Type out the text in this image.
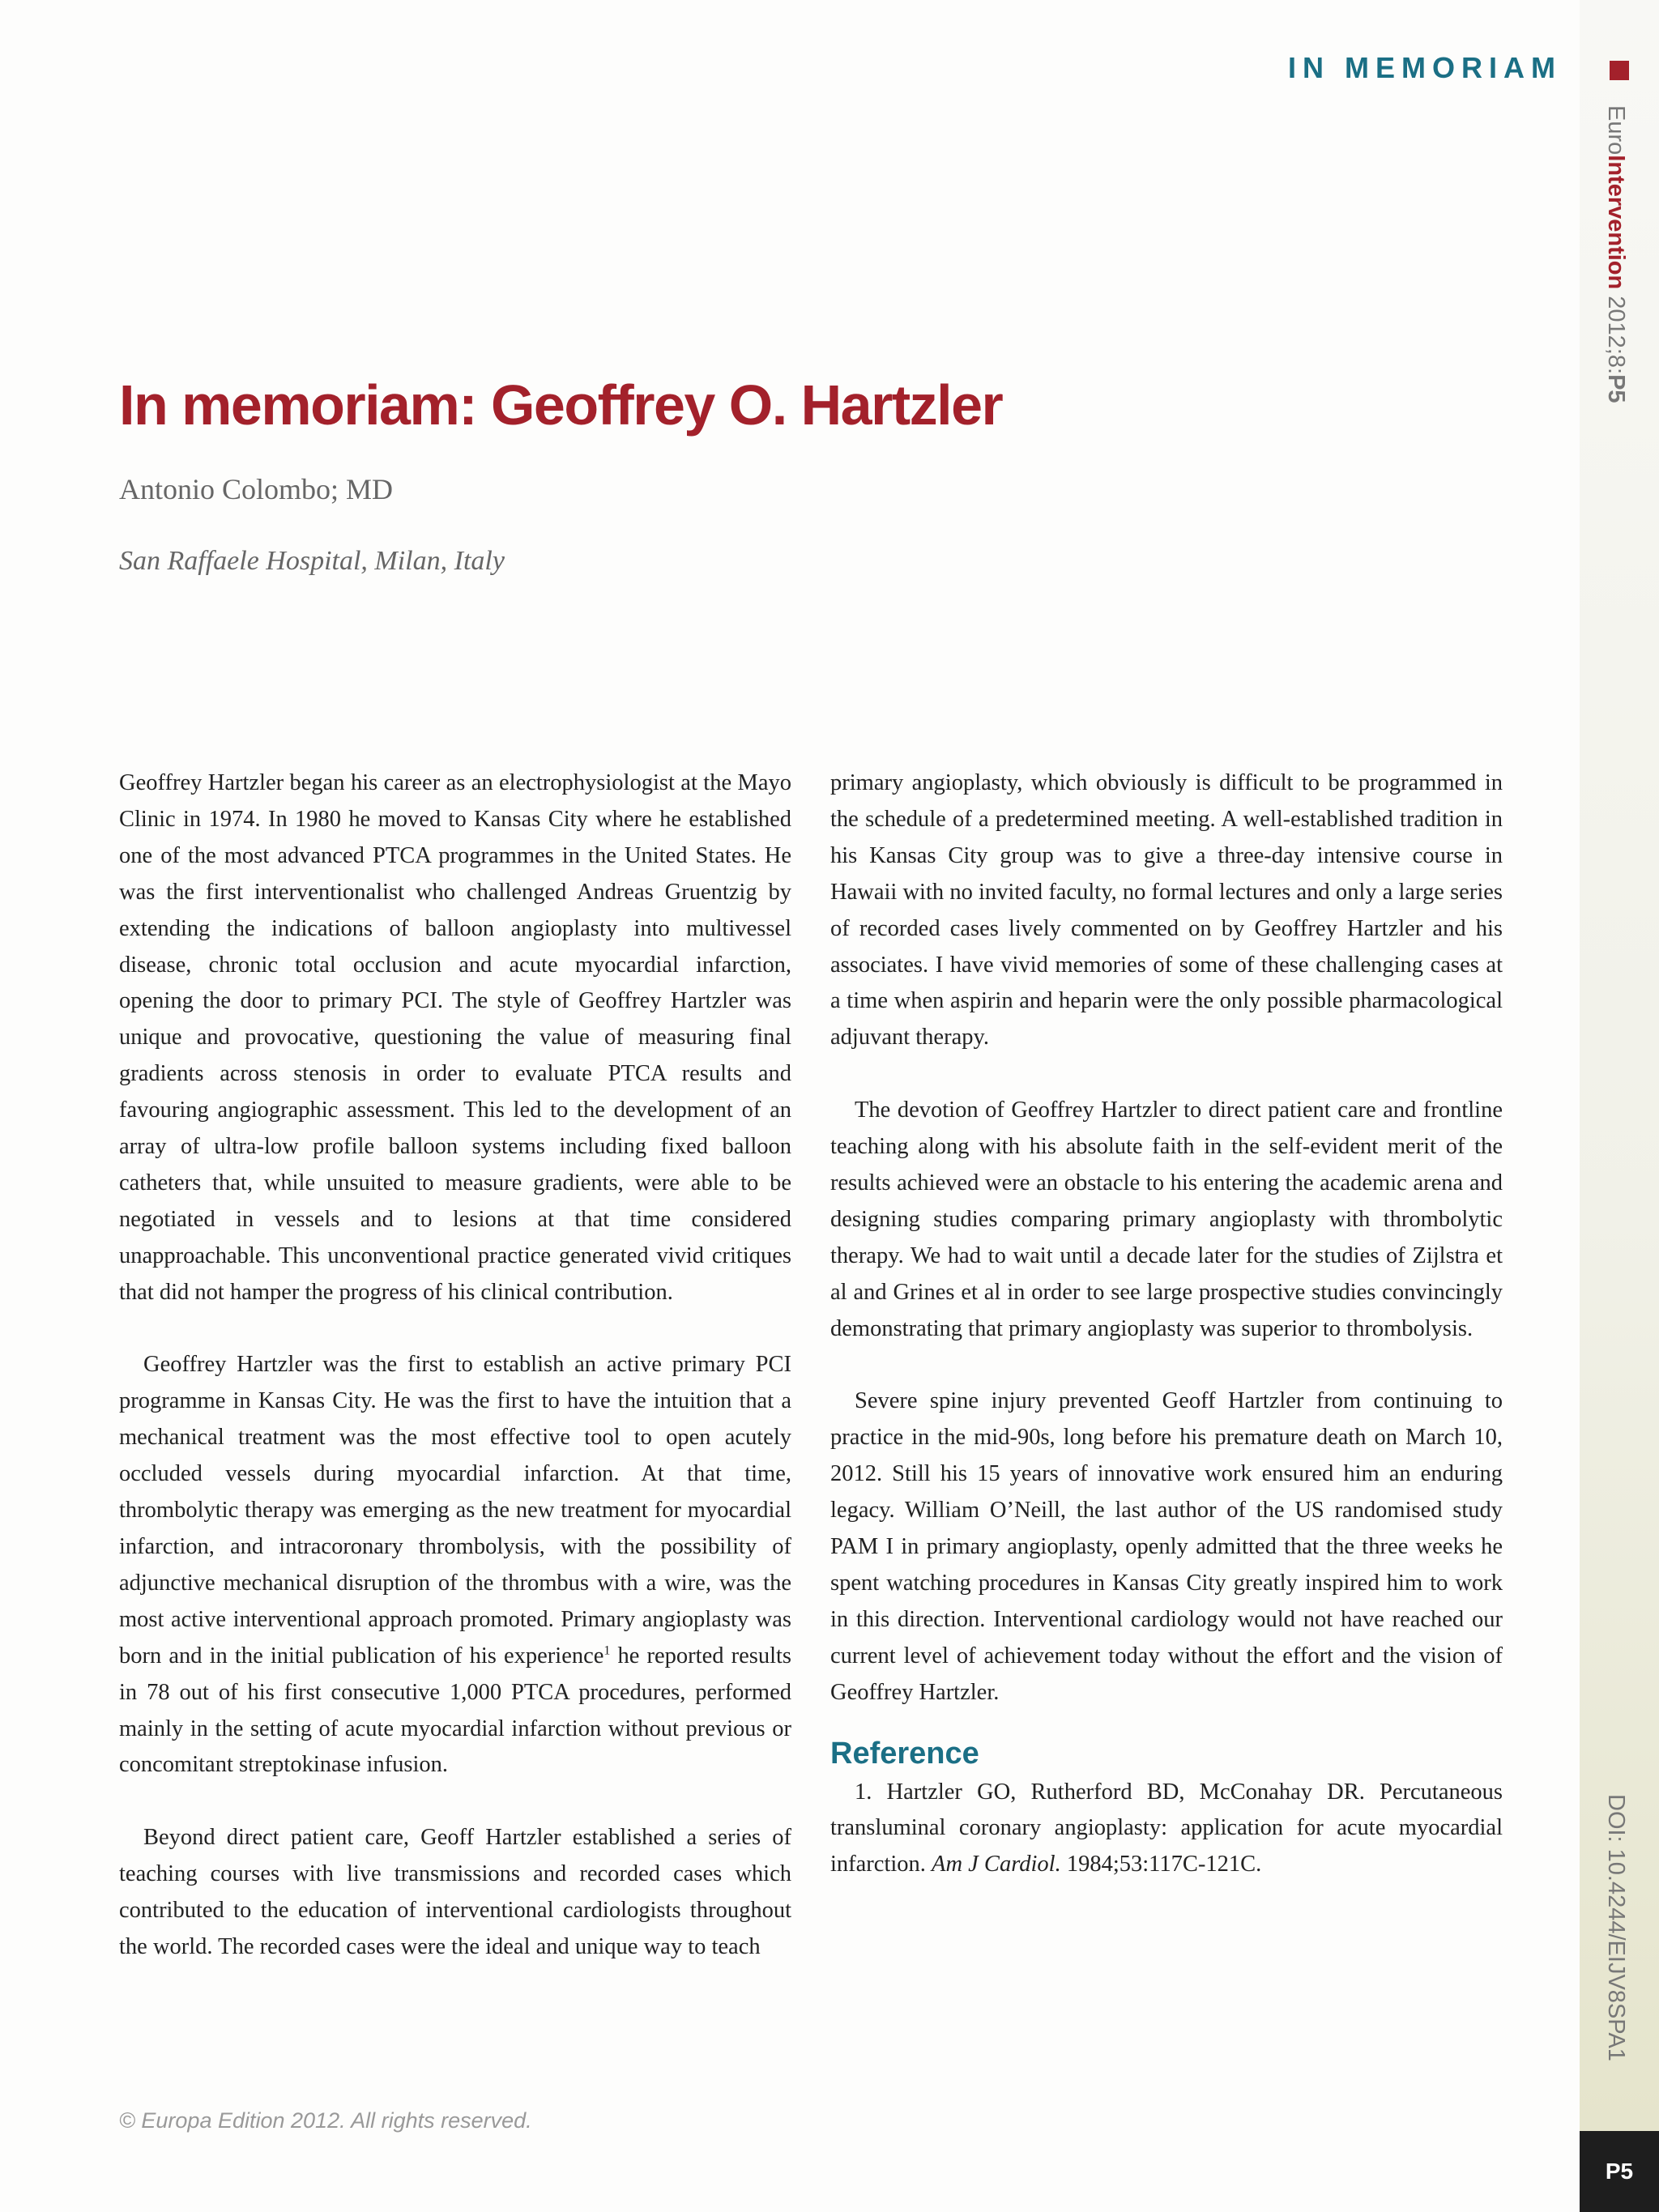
IN MEMORIAM
EuroIntervention 2012;8:P5
DOI: 10.4244/EIJV8SPA1
P5
In memoriam: Geoffrey O. Hartzler
Antonio Colombo; MD
San Raffaele Hospital, Milan, Italy

Geoffrey Hartzler began his career as an electrophysiologist at the Mayo Clinic in 1974. In 1980 he moved to Kansas City where he established one of the most advanced PTCA programmes in the United States. He was the first interventionalist who challenged Andreas Gruentzig by extending the indications of balloon angioplasty into multivessel disease, chronic total occlusion and acute myocardial infarction, opening the door to primary PCI. The style of Geoffrey Hartzler was unique and provocative, questioning the value of measuring final gradients across stenosis in order to evaluate PTCA results and favouring angiographic assessment. This led to the development of an array of ultra-low profile balloon systems including fixed balloon catheters that, while unsuited to measure gradients, were able to be negotiated in vessels and to lesions at that time considered unapproachable. This unconventional practice generated vivid critiques that did not hamper the progress of his clinical contribution.

Geoffrey Hartzler was the first to establish an active primary PCI programme in Kansas City. He was the first to have the intuition that a mechanical treatment was the most effective tool to open acutely occluded vessels during myocardial infarction. At that time, thrombolytic therapy was emerging as the new treatment for myocardial infarction, and intracoronary thrombolysis, with the possibility of adjunctive mechanical disruption of the thrombus with a wire, was the most active interventional approach promoted. Primary angioplasty was born and in the initial publication of his experience$^1$ he reported results in 78 out of his first consecutive 1,000 PTCA procedures, performed mainly in the setting of acute myocardial infarction without previous or concomitant streptokinase infusion.

Beyond direct patient care, Geoff Hartzler established a series of teaching courses with live transmissions and recorded cases which contributed to the education of interventional cardiologists throughout the world. The recorded cases were the ideal and unique way to teach

primary angioplasty, which obviously is difficult to be programmed in the schedule of a predetermined meeting. A well-established tradition in his Kansas City group was to give a three-day intensive course in Hawaii with no invited faculty, no formal lectures and only a large series of recorded cases lively commented on by Geoffrey Hartzler and his associates. I have vivid memories of some of these challenging cases at a time when aspirin and heparin were the only possible pharmacological adjuvant therapy.

The devotion of Geoffrey Hartzler to direct patient care and frontline teaching along with his absolute faith in the self-evident merit of the results achieved were an obstacle to his entering the academic arena and designing studies comparing primary angioplasty with thrombolytic therapy. We had to wait until a decade later for the studies of Zijlstra et al and Grines et al in order to see large prospective studies convincingly demonstrating that primary angioplasty was superior to thrombolysis.

Severe spine injury prevented Geoff Hartzler from continuing to practice in the mid-90s, long before his premature death on March 10, 2012. Still his 15 years of innovative work ensured him an enduring legacy. William O’Neill, the last author of the US randomised study PAM I in primary angioplasty, openly admitted that the three weeks he spent watching procedures in Kansas City greatly inspired him to work in this direction. Interventional cardiology would not have reached our current level of achievement today without the effort and the vision of Geoffrey Hartzler.

Reference

1. Hartzler GO, Rutherford BD, McConahay DR. Percutaneous transluminal coronary angioplasty: application for acute myocardial infarction. Am J Cardiol. 1984;53:117C-121C.

© Europa Edition 2012. All rights reserved.
